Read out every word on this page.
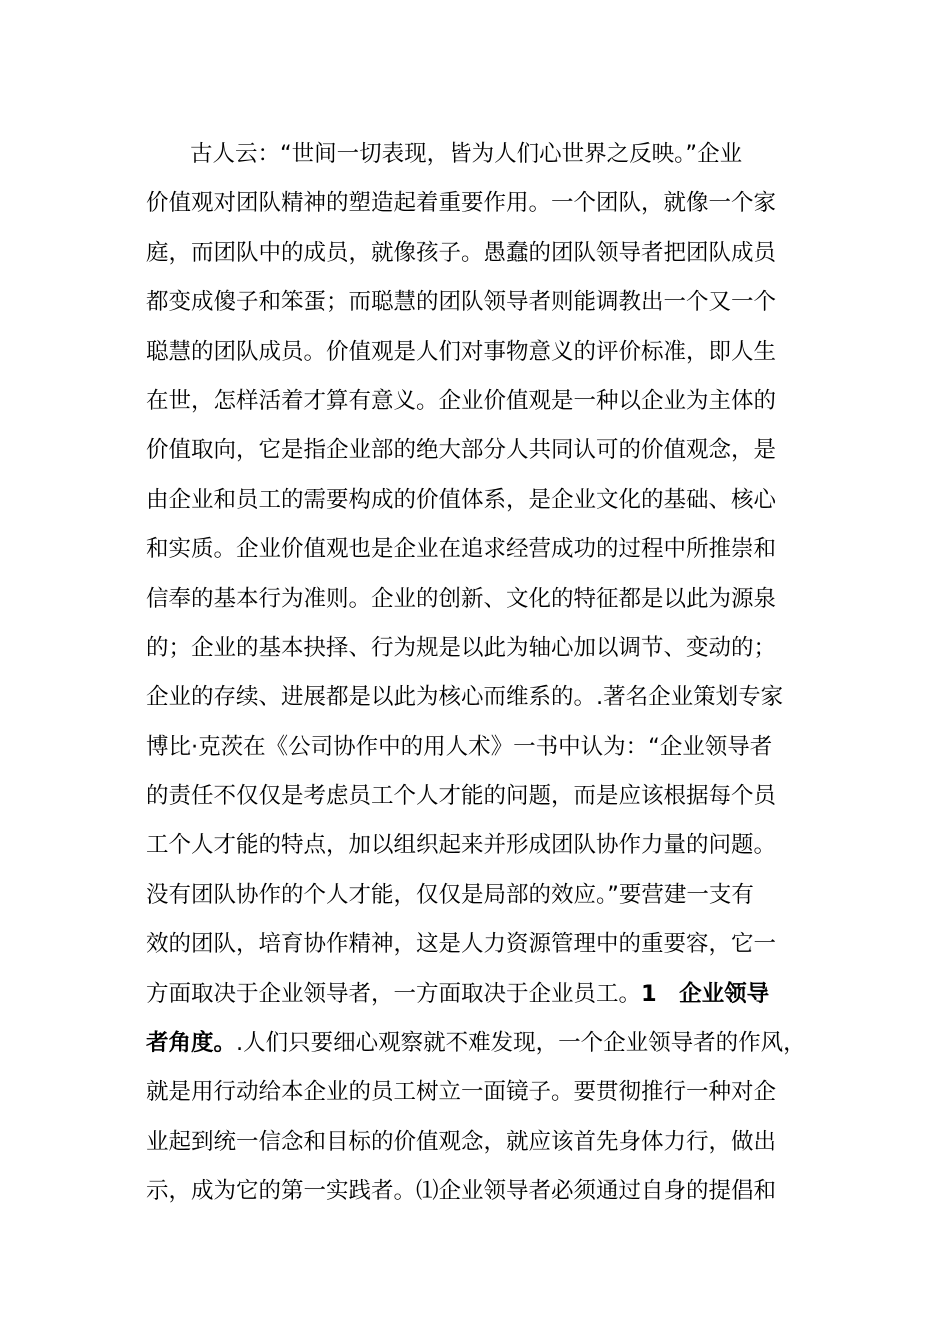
古人云：“世间一切表现，皆为人们心世界之反映。”企业
价值观对团队精神的塑造起着重要作用。一个团队，就像一个家
庭，而团队中的成员，就像孩子。愚蠢的团队领导者把团队成员
都变成傻子和笨蛋；而聪慧的团队领导者则能调教出一个又一个
聪慧的团队成员。价值观是人们对事物意义的评价标准，即人生
在世，怎样活着才算有意义。企业价值观是一种以企业为主体的
价值取向，它是指企业部的绝大部分人共同认可的价值观念，是
由企业和员工的需要构成的价值体系，是企业文化的基础、核心
和实质。企业价值观也是企业在追求经营成功的过程中所推崇和
信奉的基本行为准则。企业的创新、文化的特征都是以此为源泉
的；企业的基本抉择、行为规是以此为轴心加以调节、变动的；
企业的存续、进展都是以此为核心而维系的。.著名企业策划专家
博比·克茨在《公司协作中的用人术》一书中认为：“企业领导者
的责任不仅仅是考虑员工个人才能的问题，而是应该根据每个员
工个人才能的特点，加以组织起来并形成团队协作力量的问题。
没有团队协作的个人才能，仅仅是局部的效应。”要营建一支有
效的团队，培育协作精神，这是人力资源管理中的重要容，它一
方面取决于企业领导者，一方面取决于企业员工。1　企业领导
者角度。.人们只要细心观察就不难发现，一个企业领导者的作风，
就是用行动给本企业的员工树立一面镜子。要贯彻推行一种对企
业起到统一信念和目标的价值观念，就应该首先身体力行，做出
示，成为它的第一实践者。⑴企业领导者必须通过自身的提倡和
